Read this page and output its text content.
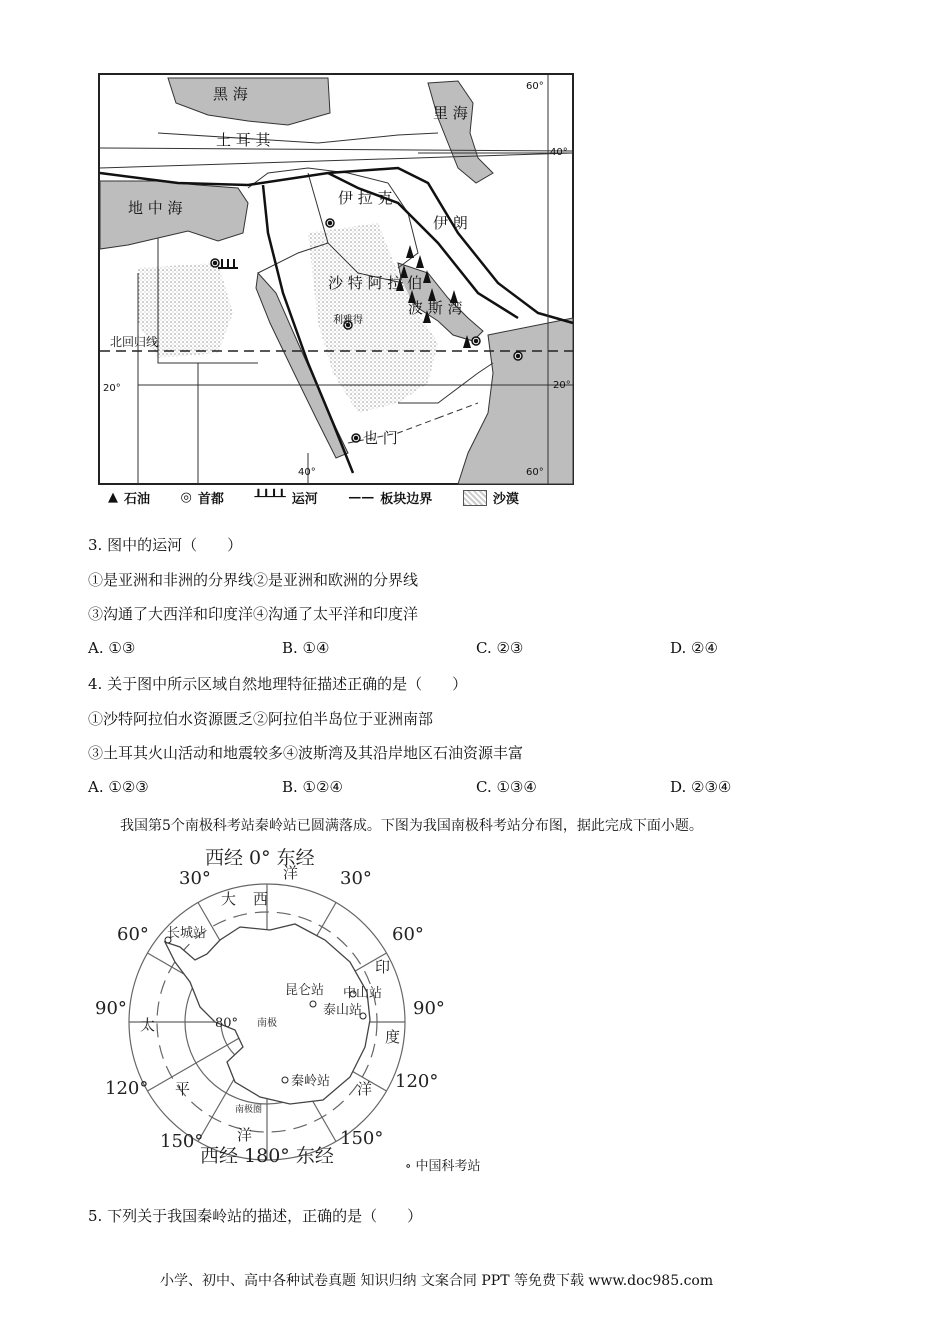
黑 海
里 海
土 耳 其
地 中 海
伊 拉 克
伊 朗
沙 特 阿 拉 伯
波 斯 湾
利雅得
也 门
北回归线
40°
20°
20°
60°
60°
40°
▲ 石油 ◎ 首都 ┸┸┸┸ 运河 —— 板块边界	沙漠
3. 图中的运河（　　）
①是亚洲和非洲的分界线②是亚洲和欧洲的分界线
③沟通了大西洋和印度洋④沟通了太平洋和印度洋
A. ①③	B. ①④	C. ②③	D. ②④
4. 关于图中所示区域自然地理特征描述正确的是（　　）
①沙特阿拉伯水资源匮乏②阿拉伯半岛位于亚洲南部
③土耳其火山活动和地震较多④波斯湾及其沿岸地区石油资源丰富
A. ①②③	B. ①②④	C. ①③④	D. ②③④
我国第5个南极科考站秦岭站已圆满落成。下图为我国南极科考站分布图，据此完成下面小题。
西经 0° 东经
西经 180° 东经
30°	30°
60°	60°
90°	90°
120°	120°
150°	150°
80°
大 西
洋
印
度
洋
太
平
洋
长城站
昆仑站 中山站
泰山站
秦岭站
南极
南极圈
∘ 中国科考站
5. 下列关于我国秦岭站的描述，正确的是（　　）
小学、初中、高中各种试卷真题 知识归纳 文案合同 PPT 等免费下载 www.doc985.com
